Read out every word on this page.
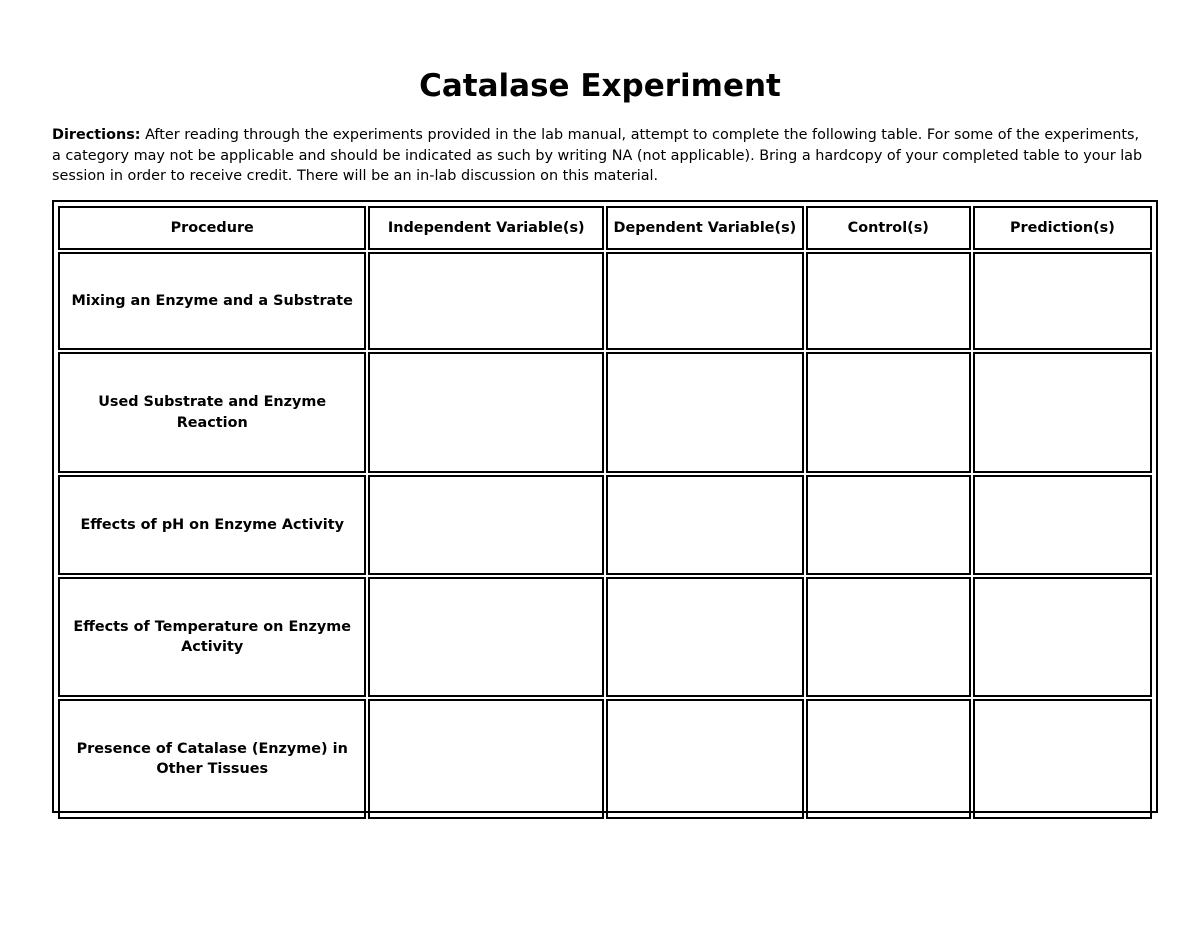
Catalase Experiment

Directions: After reading through the experiments provided in the lab manual, attempt to complete the following table. For some of the experiments, a category may not be applicable and should be indicated as such by writing NA (not applicable). Bring a hardcopy of your completed table to your lab session in order to receive credit. There will be an in-lab discussion on this material.

Procedure	Independent Variable(s)	Dependent Variable(s)	Control(s)	Prediction(s)
Mixing an Enzyme and a Substrate				
Used Substrate and Enzyme Reaction				
Effects of pH on Enzyme Activity				
Effects of Temperature on Enzyme Activity				
Presence of Catalase (Enzyme) in Other Tissues				
